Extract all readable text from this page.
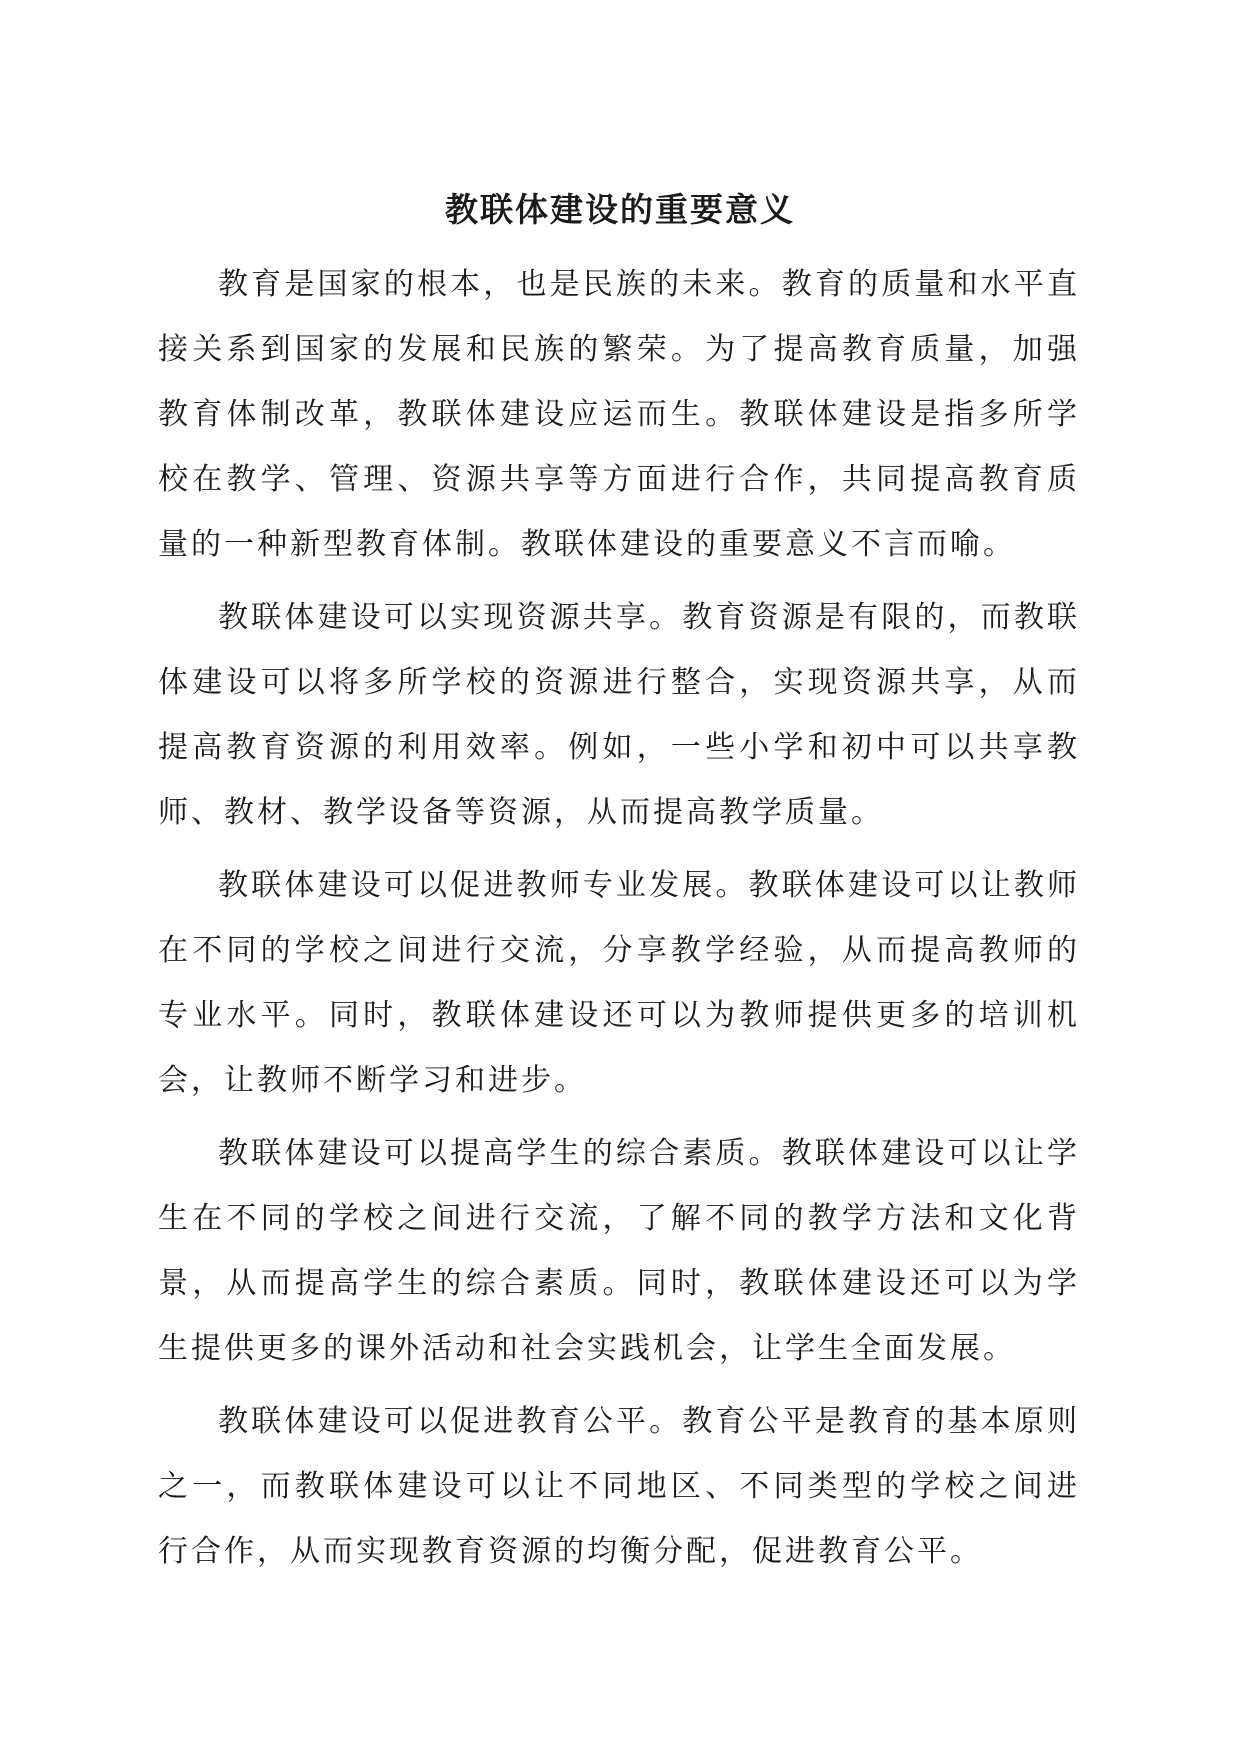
教联体建设的重要意义

教育是国家的根本，也是民族的未来。教育的质量和水平直接关系到国家的发展和民族的繁荣。为了提高教育质量，加强教育体制改革，教联体建设应运而生。教联体建设是指多所学校在教学、管理、资源共享等方面进行合作，共同提高教育质量的一种新型教育体制。教联体建设的重要意义不言而喻。

教联体建设可以实现资源共享。教育资源是有限的，而教联体建设可以将多所学校的资源进行整合，实现资源共享，从而提高教育资源的利用效率。例如，一些小学和初中可以共享教师、教材、教学设备等资源，从而提高教学质量。

教联体建设可以促进教师专业发展。教联体建设可以让教师在不同的学校之间进行交流，分享教学经验，从而提高教师的专业水平。同时，教联体建设还可以为教师提供更多的培训机会，让教师不断学习和进步。

教联体建设可以提高学生的综合素质。教联体建设可以让学生在不同的学校之间进行交流，了解不同的教学方法和文化背景，从而提高学生的综合素质。同时，教联体建设还可以为学生提供更多的课外活动和社会实践机会，让学生全面发展。

教联体建设可以促进教育公平。教育公平是教育的基本原则之一，而教联体建设可以让不同地区、不同类型的学校之间进行合作，从而实现教育资源的均衡分配，促进教育公平。
